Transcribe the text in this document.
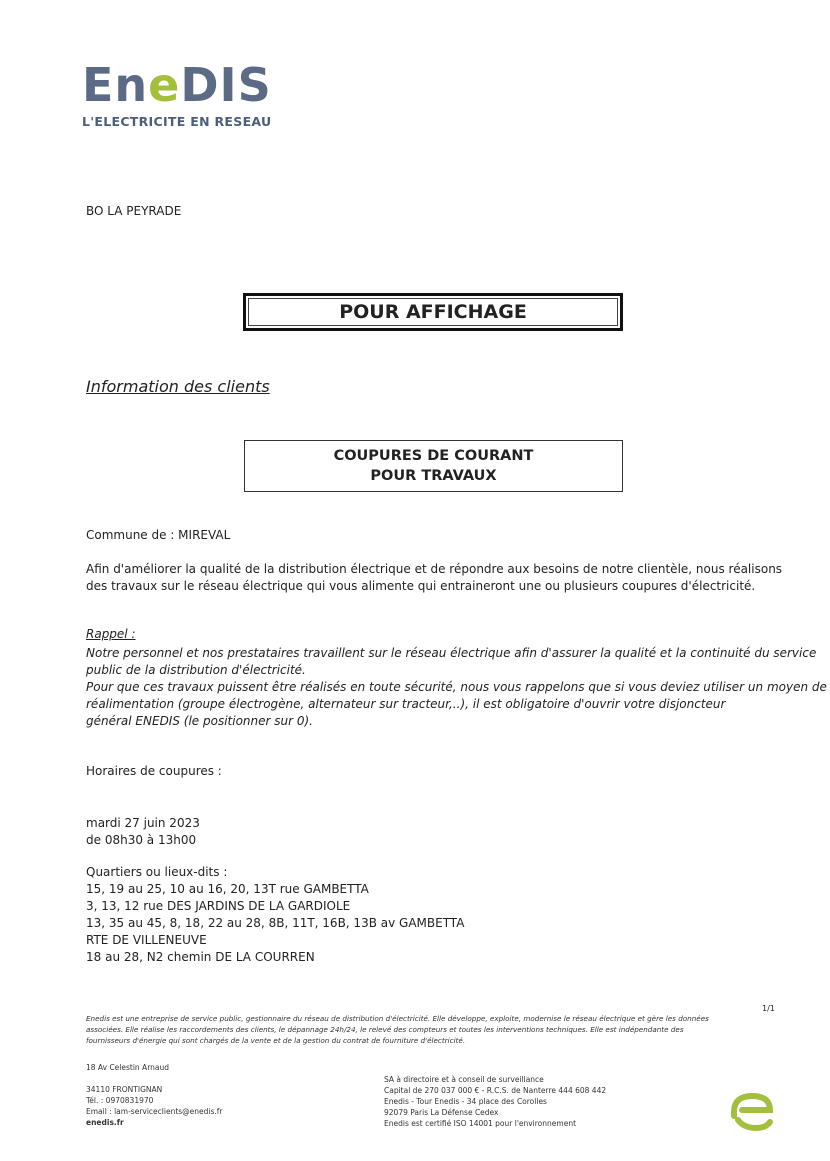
EneDIS
L'ELECTRICITE EN RESEAU
BO LA PEYRADE
POUR AFFICHAGE
Information des clients
COUPURES DE COURANT
POUR TRAVAUX
Commune de : MIREVAL
Afin d'améliorer la qualité de la distribution électrique et de répondre aux besoins de notre clientèle, nous réalisons des travaux sur le réseau électrique qui vous alimente qui entraineront une ou plusieurs coupures d'électricité.
Rappel :
Notre personnel et nos prestataires travaillent sur le réseau électrique afin d'assurer la qualité et la continuité du service
public de la distribution d'électricité.
Pour que ces travaux puissent être réalisés en toute sécurité, nous vous rappelons que si vous deviez utiliser un moyen de
réalimentation (groupe électrogène, alternateur sur tracteur,..), il est obligatoire d'ouvrir votre disjoncteur
général ENEDIS (le positionner sur 0).
Horaires de coupures :
mardi 27 juin 2023
de 08h30 à 13h00
Quartiers ou lieux-dits :
15, 19 au 25, 10 au 16, 20, 13T rue GAMBETTA
3, 13, 12 rue DES JARDINS DE LA GARDIOLE
13, 35 au 45, 8, 18, 22 au 28, 8B, 11T, 16B, 13B av GAMBETTA
RTE DE VILLENEUVE
18 au 28, N2 chemin DE LA COURREN
1/1
Enedis est une entreprise de service public, gestionnaire du réseau de distribution d'électricité. Elle développe, exploite, modernise le réseau électrique et gère les données
associées. Elle réalise les raccordements des clients, le dépannage 24h/24, le relevé des compteurs et toutes les interventions techniques. Elle est indépendante des
fournisseurs d'énergie qui sont chargés de la vente et de la gestion du contrat de fourniture d'électricité.
18 Av Celestin Arnaud
34110 FRONTIGNAN
Tél. : 0970831970
Email : lam-serviceclients@enedis.fr
enedis.fr
SA à directoire et à conseil de surveillance
Capital de 270 037 000 € - R.C.S. de Nanterre 444 608 442
Enedis - Tour Enedis - 34 place des Corolles
92079 Paris La Défense Cedex
Enedis est certifié ISO 14001 pour l'environnement
